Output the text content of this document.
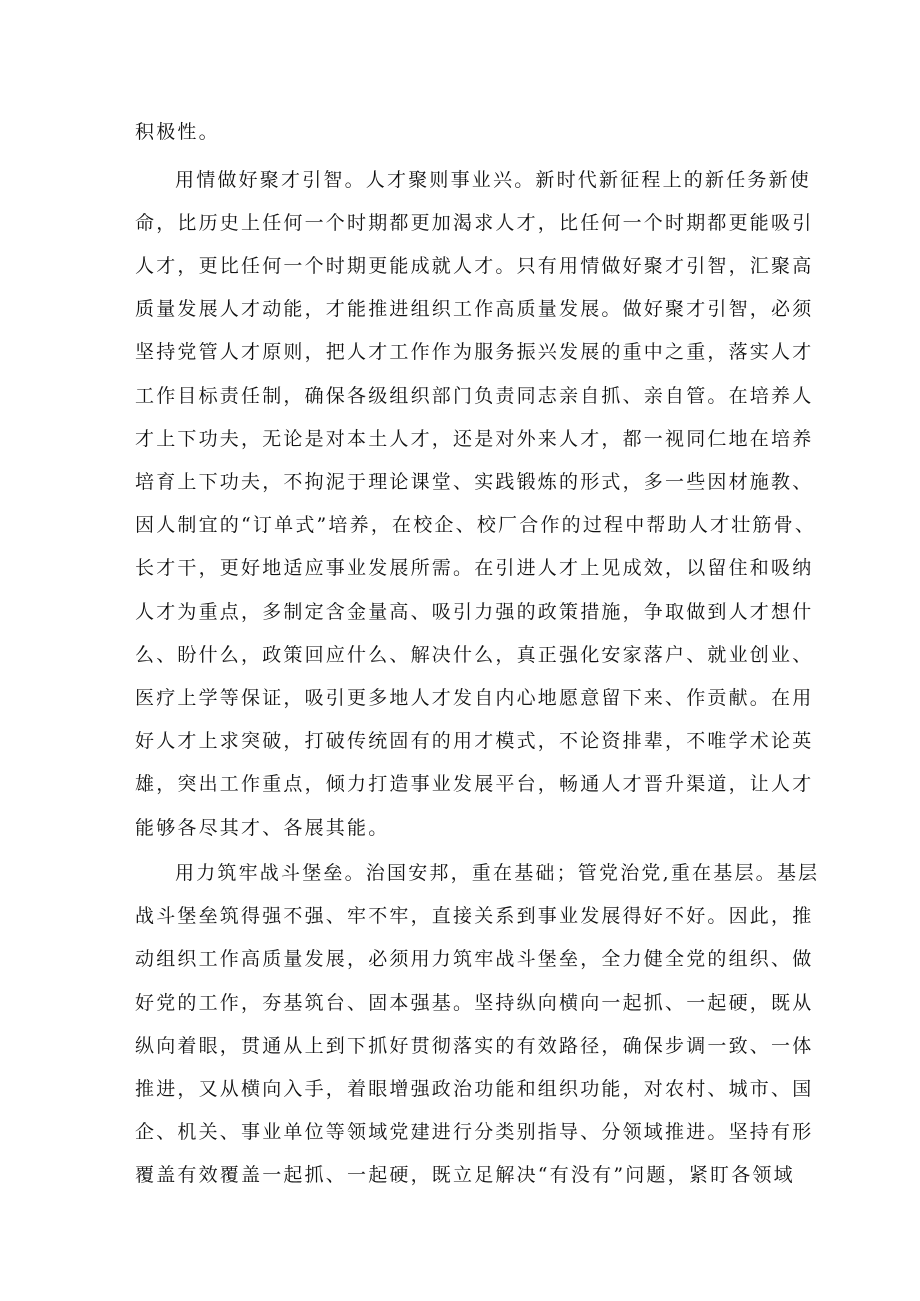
积极性。
用情做好聚才引智。人才聚则事业兴。新时代新征程上的新任务新使
命，比历史上任何一个时期都更加渴求人才，比任何一个时期都更能吸引
人才，更比任何一个时期更能成就人才。只有用情做好聚才引智，汇聚高
质量发展人才动能，才能推进组织工作高质量发展。做好聚才引智，必须
坚持党管人才原则，把人才工作作为服务振兴发展的重中之重，落实人才
工作目标责任制，确保各级组织部门负责同志亲自抓、亲自管。在培养人
才上下功夫，无论是对本土人才，还是对外来人才，都一视同仁地在培养
培育上下功夫，不拘泥于理论课堂、实践锻炼的形式，多一些因材施教、
因人制宜的“订单式”培养，在校企、校厂合作的过程中帮助人才壮筋骨、
长才干，更好地适应事业发展所需。在引进人才上见成效，以留住和吸纳
人才为重点，多制定含金量高、吸引力强的政策措施，争取做到人才想什
么、盼什么，政策回应什么、解决什么，真正强化安家落户、就业创业、
医疗上学等保证，吸引更多地人才发自内心地愿意留下来、作贡献。在用
好人才上求突破，打破传统固有的用才模式，不论资排辈，不唯学术论英
雄，突出工作重点，倾力打造事业发展平台，畅通人才晋升渠道，让人才
能够各尽其才、各展其能。
用力筑牢战斗堡垒。治国安邦，重在基础；管党治党,重在基层。基层
战斗堡垒筑得强不强、牢不牢，直接关系到事业发展得好不好。因此，推
动组织工作高质量发展，必须用力筑牢战斗堡垒，全力健全党的组织、做
好党的工作，夯基筑台、固本强基。坚持纵向横向一起抓、一起硬，既从
纵向着眼，贯通从上到下抓好贯彻落实的有效路径，确保步调一致、一体
推进，又从横向入手，着眼增强政治功能和组织功能，对农村、城市、国
企、机关、事业单位等领域党建进行分类别指导、分领域推进。坚持有形
覆盖有效覆盖一起抓、一起硬，既立足解决“有没有”问题，紧盯各领域
